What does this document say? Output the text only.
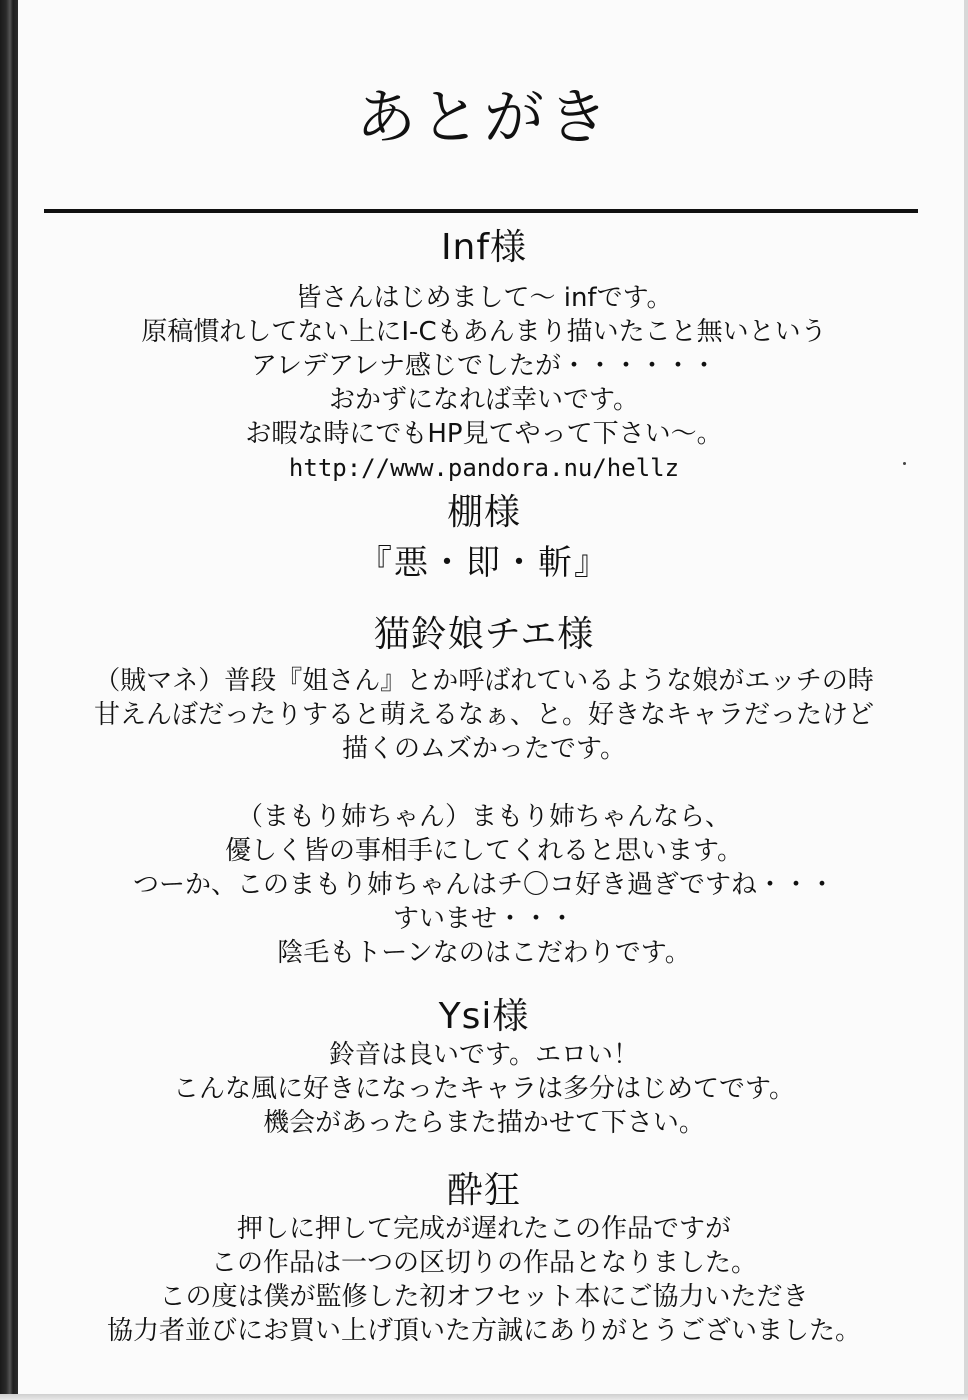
あとがき
Inf様
皆さんはじめまして～ infです。
原稿慣れしてない上にI-Cもあんまり描いたこと無いという
アレデアレナ感じでしたが・・・・・・
おかずになれば幸いです。
お暇な時にでもHP見てやって下さい～。
http://www.pandora.nu/hellz
棚様
『悪・即・斬』
猫鈴娘チエ様
（賊マネ）普段『姐さん』とか呼ばれているような娘がエッチの時
甘えんぼだったりすると萌えるなぁ、と。好きなキャラだったけど
描くのムズかったです。
（まもり姉ちゃん）まもり姉ちゃんなら、
優しく皆の事相手にしてくれると思います。
つーか、このまもり姉ちゃんはチ〇コ好き過ぎですね・・・
すいませ・・・
陰毛もトーンなのはこだわりです。
Ysi様
鈴音は良いです。エロい！
こんな風に好きになったキャラは多分はじめてです。
機会があったらまた描かせて下さい。
酔狂
押しに押して完成が遅れたこの作品ですが
この作品は一つの区切りの作品となりました。
この度は僕が監修した初オフセット本にご協力いただき
協力者並びにお買い上げ頂いた方誠にありがとうございました。
